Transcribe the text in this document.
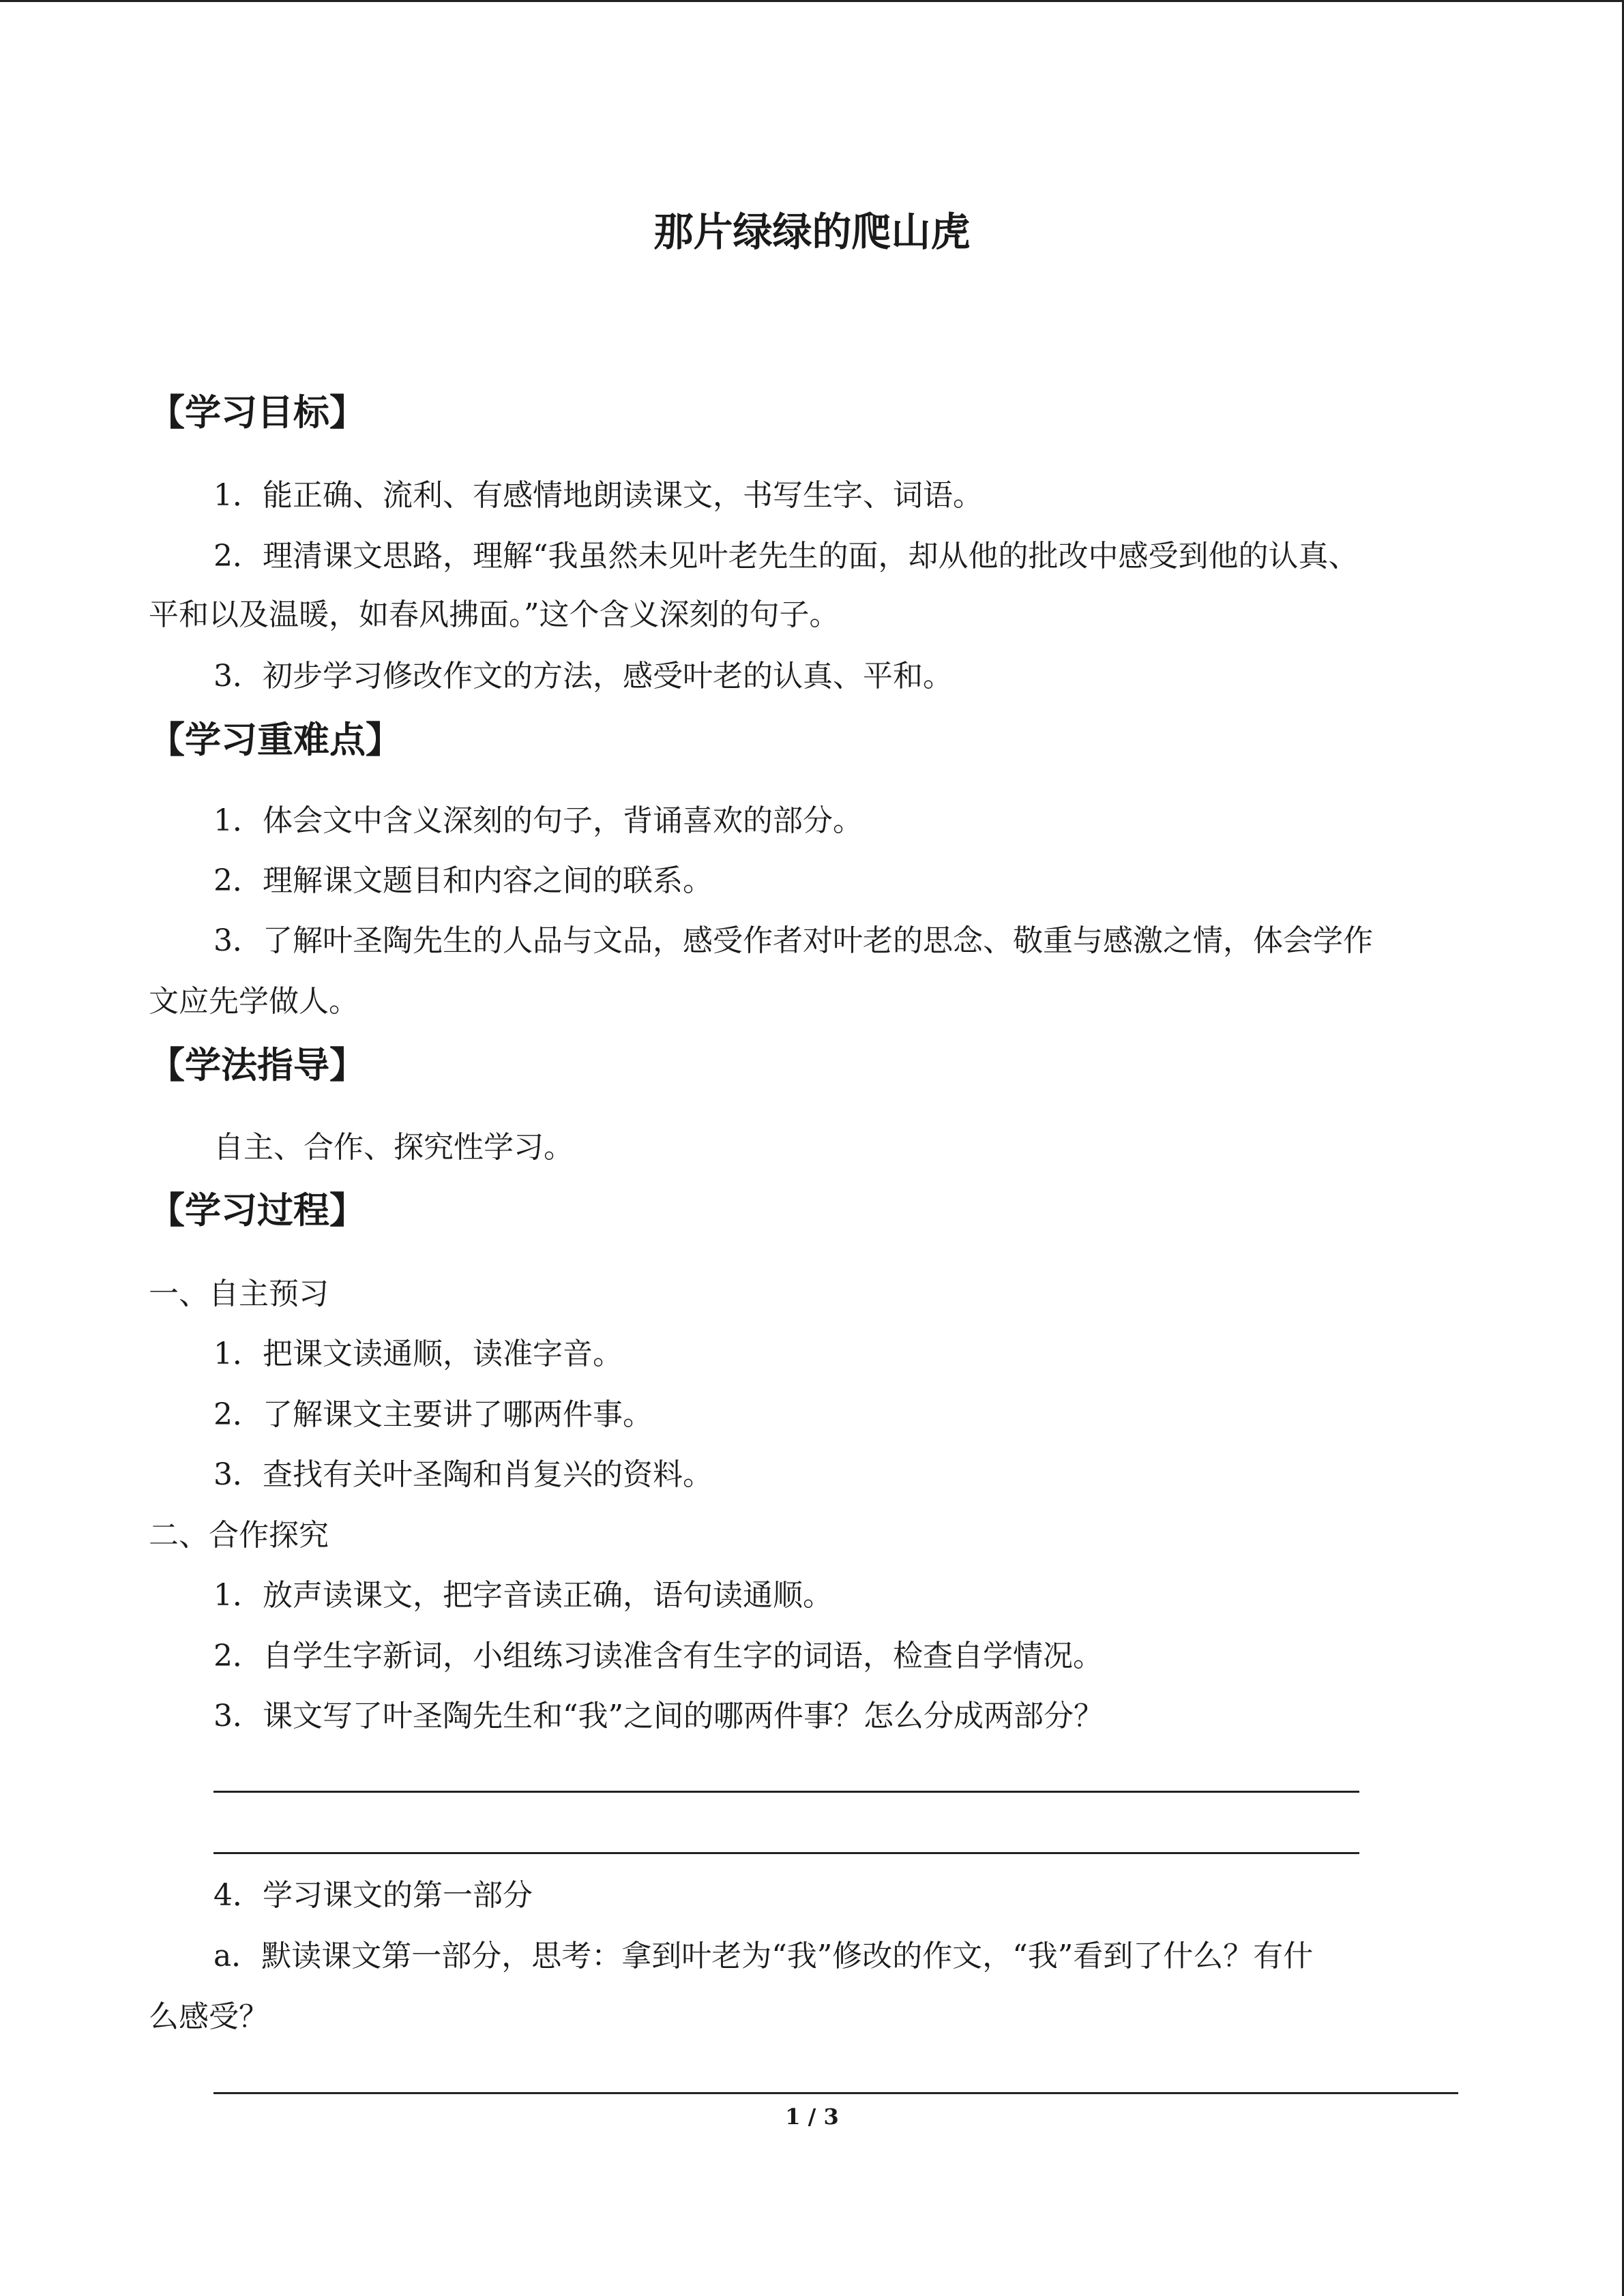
那片绿绿的爬山虎
【学习目标】

1．能正确、流利、有感情地朗读课文，书写生字、词语。

2．理清课文思路，理解“我虽然未见叶老先生的面，却从他的批改中感受到他的认真、

平和以及温暖，如春风拂面。”这个含义深刻的句子。

3．初步学习修改作文的方法，感受叶老的认真、平和。

【学习重难点】

1．体会文中含义深刻的句子，背诵喜欢的部分。

2．理解课文题目和内容之间的联系。

3．了解叶圣陶先生的人品与文品，感受作者对叶老的思念、敬重与感激之情，体会学作

文应先学做人。

【学法指导】

自主、合作、探究性学习。

【学习过程】

一、自主预习

1．把课文读通顺，读准字音。

2．了解课文主要讲了哪两件事。

3．查找有关叶圣陶和肖复兴的资料。

二、合作探究

1．放声读课文，把字音读正确，语句读通顺。

2．自学生字新词，小组练习读准含有生字的词语，检查自学情况。

3．课文写了叶圣陶先生和“我”之间的哪两件事？怎么分成两部分？

4．学习课文的第一部分

a．默读课文第一部分，思考：拿到叶老为“我”修改的作文，“我”看到了什么？有什

么感受？

1 / 3
